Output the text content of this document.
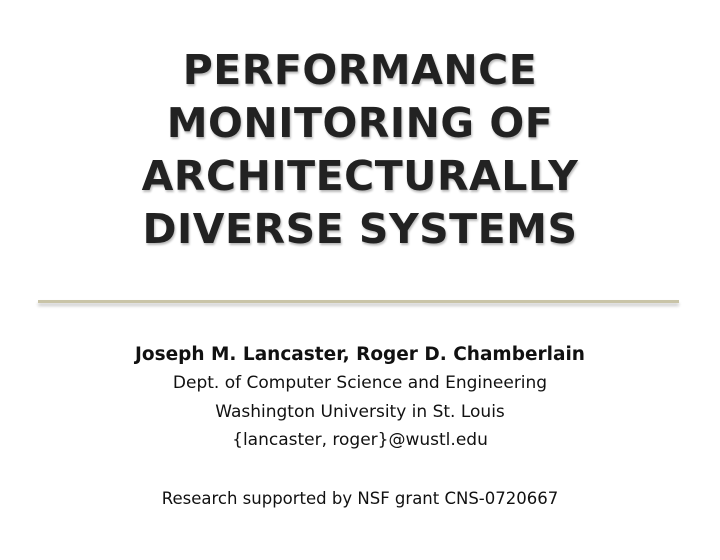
PERFORMANCE
MONITORING OF
ARCHITECTURALLY
DIVERSE SYSTEMS
Joseph M. Lancaster, Roger D. Chamberlain
Dept. of Computer Science and Engineering
Washington University in St. Louis
{lancaster, roger}@wustl.edu
Research supported by NSF grant CNS-0720667
